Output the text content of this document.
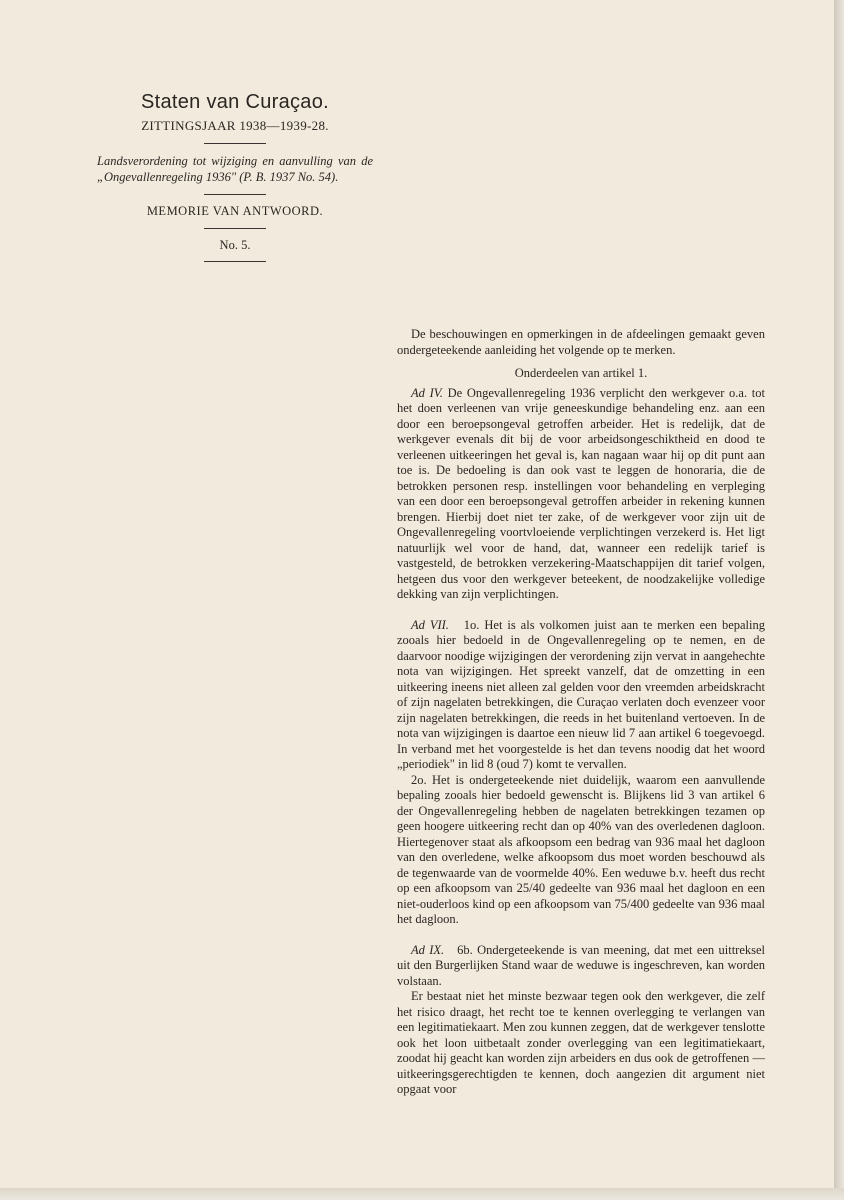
Staten van Curaçao.

ZITTINGSJAAR 1938—1939-28.

Landsverordening tot wijziging en aanvulling van de „Ongevallenregeling 1936" (P. B. 1937 No. 54).

MEMORIE VAN ANTWOORD.

No. 5.

De beschouwingen en opmerkingen in de afdeelingen gemaakt geven ondergeteekende aanleiding het volgende op te merken.

Onderdeelen van artikel 1.

Ad IV. De Ongevallenregeling 1936 verplicht den werkgever o.a. tot het doen verleenen van vrije geneeskundige behandeling enz. aan een door een beroepsongeval getroffen arbeider. Het is redelijk, dat de werkgever evenals dit bij de voor arbeidsongeschiktheid en dood te verleenen uitkeeringen het geval is, kan nagaan waar hij op dit punt aan toe is. De bedoeling is dan ook vast te leggen de honoraria, die de betrokken personen resp. instellingen voor behandeling en verpleging van een door een beroepsongeval getroffen arbeider in rekening kunnen brengen. Hierbij doet niet ter zake, of de werkgever voor zijn uit de Ongevallenregeling voortvloeiende verplichtingen verzekerd is. Het ligt natuurlijk wel voor de hand, dat, wanneer een redelijk tarief is vastgesteld, de betrokken verzekering-Maatschappijen dit tarief volgen, hetgeen dus voor den werkgever beteekent, de noodzakelijke volledige dekking van zijn verplichtingen.

Ad VII. 1o. Het is als volkomen juist aan te merken een bepaling zooals hier bedoeld in de Ongevallenregeling op te nemen, en de daarvoor noodige wijzigingen der verordening zijn vervat in aangehechte nota van wijzigingen. Het spreekt vanzelf, dat de omzetting in een uitkeering ineens niet alleen zal gelden voor den vreemden arbeidskracht of zijn nagelaten betrekkingen, die Curaçao verlaten doch evenzeer voor zijn nagelaten betrekkingen, die reeds in het buitenland vertoeven. In de nota van wijzigingen is daartoe een nieuw lid 7 aan artikel 6 toegevoegd. In verband met het voorgestelde is het dan tevens noodig dat het woord „periodiek" in lid 8 (oud 7) komt te vervallen.

2o. Het is ondergeteekende niet duidelijk, waarom een aanvullende bepaling zooals hier bedoeld gewenscht is. Blijkens lid 3 van artikel 6 der Ongevallenregeling hebben de nagelaten betrekkingen tezamen op geen hoogere uitkeering recht dan op 40% van des overledenen dagloon. Hiertegenover staat als afkoopsom een bedrag van 936 maal het dagloon van den overledene, welke afkoopsom dus moet worden beschouwd als de tegenwaarde van de voormelde 40%. Een weduwe b.v. heeft dus recht op een afkoopsom van 25/40 gedeelte van 936 maal het dagloon en een niet-ouderloos kind op een afkoopsom van 75/400 gedeelte van 936 maal het dagloon.

Ad IX. 6b. Ondergeteekende is van meening, dat met een uittreksel uit den Burgerlijken Stand waar de weduwe is ingeschreven, kan worden volstaan.

Er bestaat niet het minste bezwaar tegen ook den werkgever, die zelf het risico draagt, het recht toe te kennen overlegging te verlangen van een legitimatiekaart. Men zou kunnen zeggen, dat de werkgever tenslotte ook het loon uitbetaalt zonder overlegging van een legitimatiekaart, zoodat hij geacht kan worden zijn arbeiders en dus ook de getroffenen — uitkeeringsgerechtigden te kennen, doch aangezien dit argument niet opgaat voor
